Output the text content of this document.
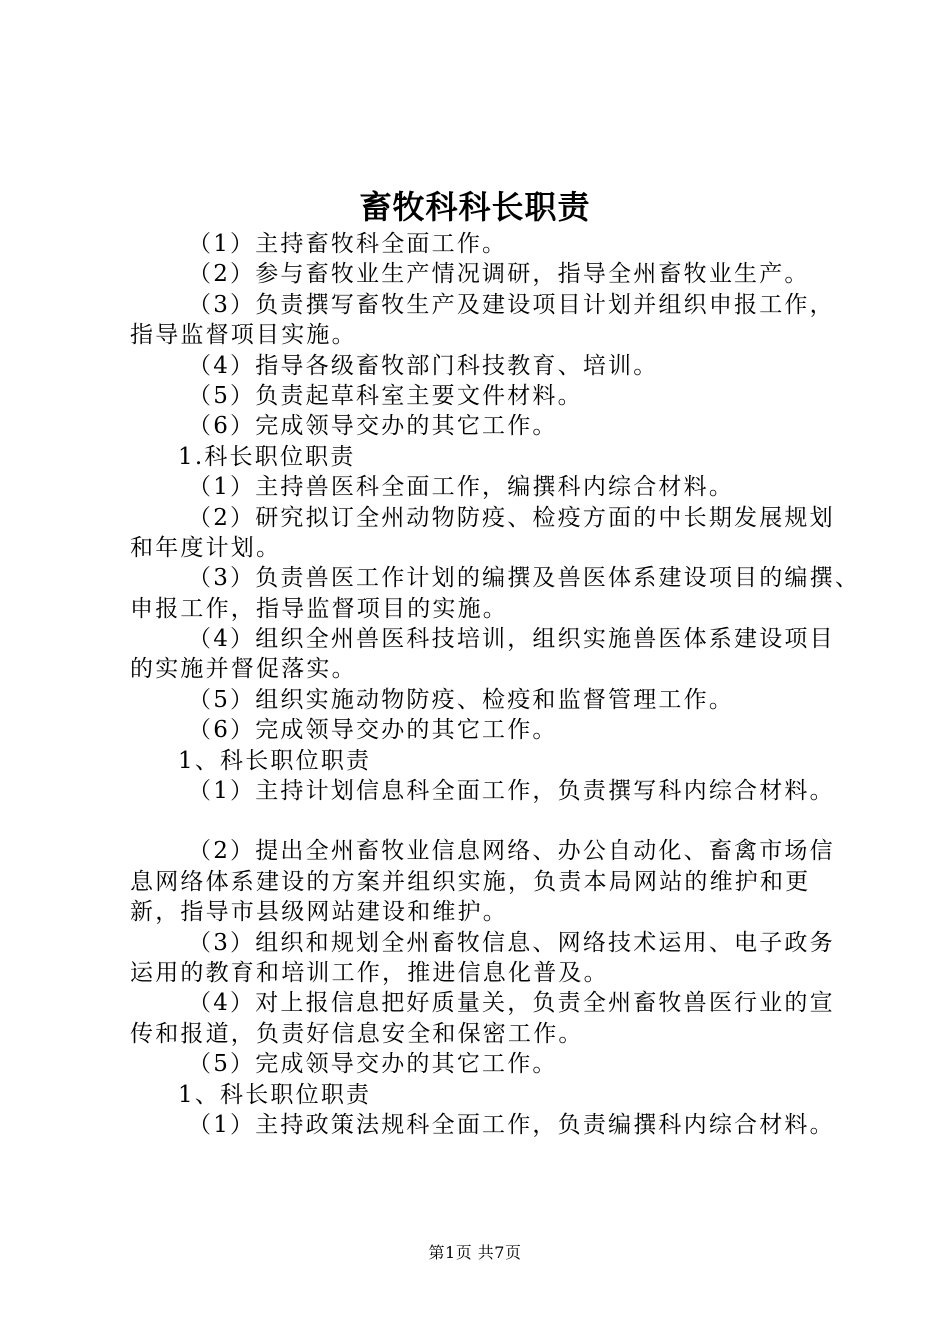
畜牧科科长职责
（1）主持畜牧科全面工作。
（2）参与畜牧业生产情况调研，指导全州畜牧业生产。
（3）负责撰写畜牧生产及建设项目计划并组织申报工作，
指导监督项目实施。
（4）指导各级畜牧部门科技教育、培训。
（5）负责起草科室主要文件材料。
（6）完成领导交办的其它工作。
1.科长职位职责
（1）主持兽医科全面工作，编撰科内综合材料。
（2）研究拟订全州动物防疫、检疫方面的中长期发展规划
和年度计划。
（3）负责兽医工作计划的编撰及兽医体系建设项目的编撰、
申报工作，指导监督项目的实施。
（4）组织全州兽医科技培训，组织实施兽医体系建设项目
的实施并督促落实。
（5）组织实施动物防疫、检疫和监督管理工作。
（6）完成领导交办的其它工作。
1、科长职位职责
（1）主持计划信息科全面工作，负责撰写科内综合材料。
（2）提出全州畜牧业信息网络、办公自动化、畜禽市场信
息网络体系建设的方案并组织实施，负责本局网站的维护和更
新，指导市县级网站建设和维护。
（3）组织和规划全州畜牧信息、网络技术运用、电子政务
运用的教育和培训工作，推进信息化普及。
（4）对上报信息把好质量关，负责全州畜牧兽医行业的宣
传和报道，负责好信息安全和保密工作。
（5）完成领导交办的其它工作。
1、科长职位职责
（1）主持政策法规科全面工作，负责编撰科内综合材料。
第1页 共7页
